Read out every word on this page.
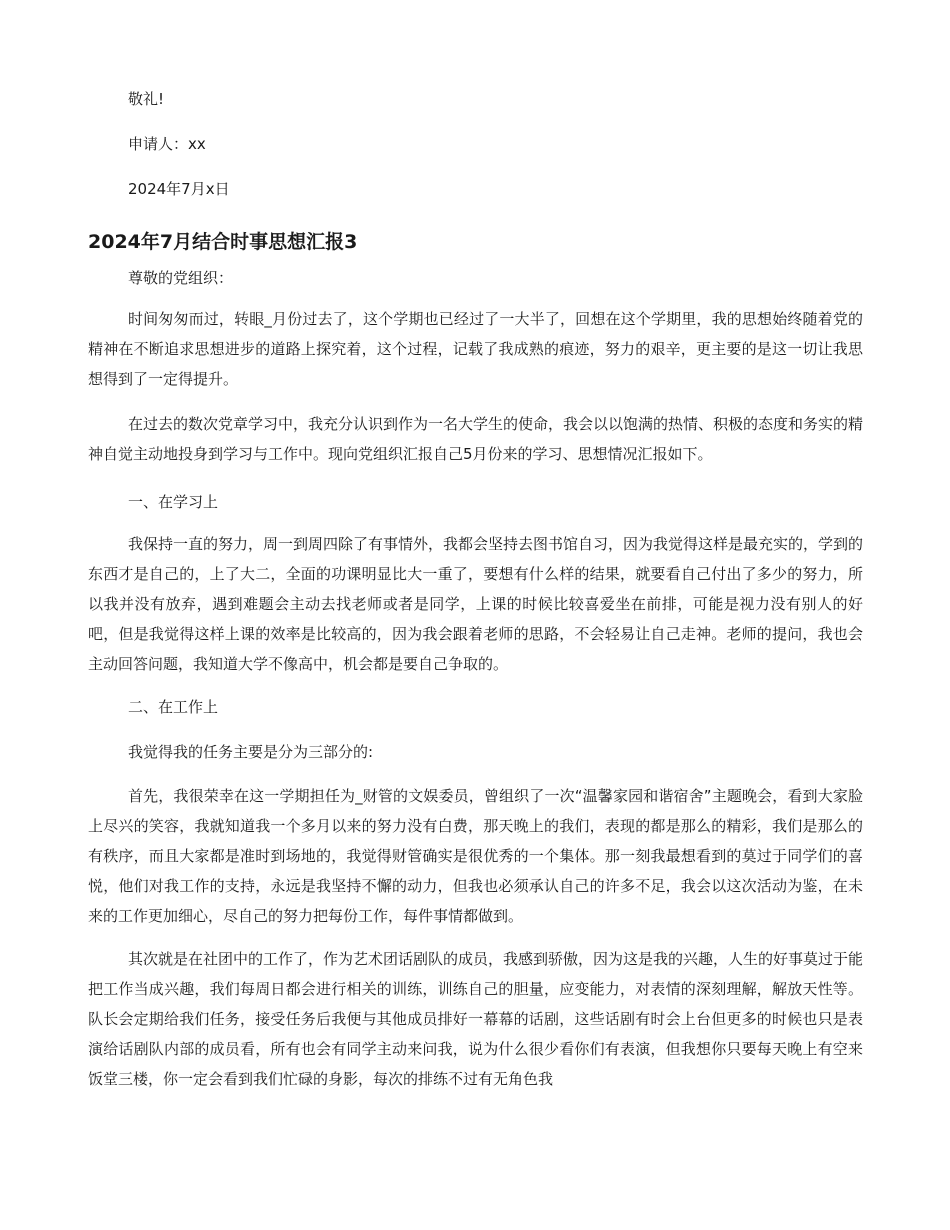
敬礼!
申请人：xx
2024年7月x日
2024年7月结合时事思想汇报3
尊敬的党组织：

时间匆匆而过，转眼_月份过去了，这个学期也已经过了一大半了，回想在这个学期里，我的思想始终随着党的精神在不断追求思想进步的道路上探究着，这个过程，记载了我成熟的痕迹，努力的艰辛，更主要的是这一切让我思想得到了一定得提升。

在过去的数次党章学习中，我充分认识到作为一名大学生的使命，我会以以饱满的热情、积极的态度和务实的精神自觉主动地投身到学习与工作中。现向党组织汇报自己5月份来的学习、思想情况汇报如下。

一、在学习上

我保持一直的努力，周一到周四除了有事情外，我都会坚持去图书馆自习，因为我觉得这样是最充实的，学到的东西才是自己的，上了大二，全面的功课明显比大一重了，要想有什么样的结果，就要看自己付出了多少的努力，所以我并没有放弃，遇到难题会主动去找老师或者是同学，上课的时候比较喜爱坐在前排，可能是视力没有别人的好吧，但是我觉得这样上课的效率是比较高的，因为我会跟着老师的思路，不会轻易让自己走神。老师的提问，我也会主动回答问题，我知道大学不像高中，机会都是要自己争取的。

二、在工作上
我觉得我的任务主要是分为三部分的:

首先，我很荣幸在这一学期担任为_财管的文娱委员，曾组织了一次“温馨家园和谐宿舍”主题晚会，看到大家脸上尽兴的笑容，我就知道我一个多月以来的努力没有白费，那天晚上的我们，表现的都是那么的精彩，我们是那么的有秩序，而且大家都是准时到场地的，我觉得财管确实是很优秀的一个集体。那一刻我最想看到的莫过于同学们的喜悦，他们对我工作的支持，永远是我坚持不懈的动力，但我也必须承认自己的许多不足，我会以这次活动为鉴，在未来的工作更加细心，尽自己的努力把每份工作，每件事情都做到。

其次就是在社团中的工作了，作为艺术团话剧队的成员，我感到骄傲，因为这是我的兴趣，人生的好事莫过于能把工作当成兴趣，我们每周日都会进行相关的训练，训练自己的胆量，应变能力，对表情的深刻理解，解放天性等。队长会定期给我们任务，接受任务后我便与其他成员排好一幕幕的话剧，这些话剧有时会上台但更多的时候也只是表演给话剧队内部的成员看，所有也会有同学主动来问我，说为什么很少看你们有表演，但我想你只要每天晚上有空来饭堂三楼，你一定会看到我们忙碌的身影，每次的排练不过有无角色我
